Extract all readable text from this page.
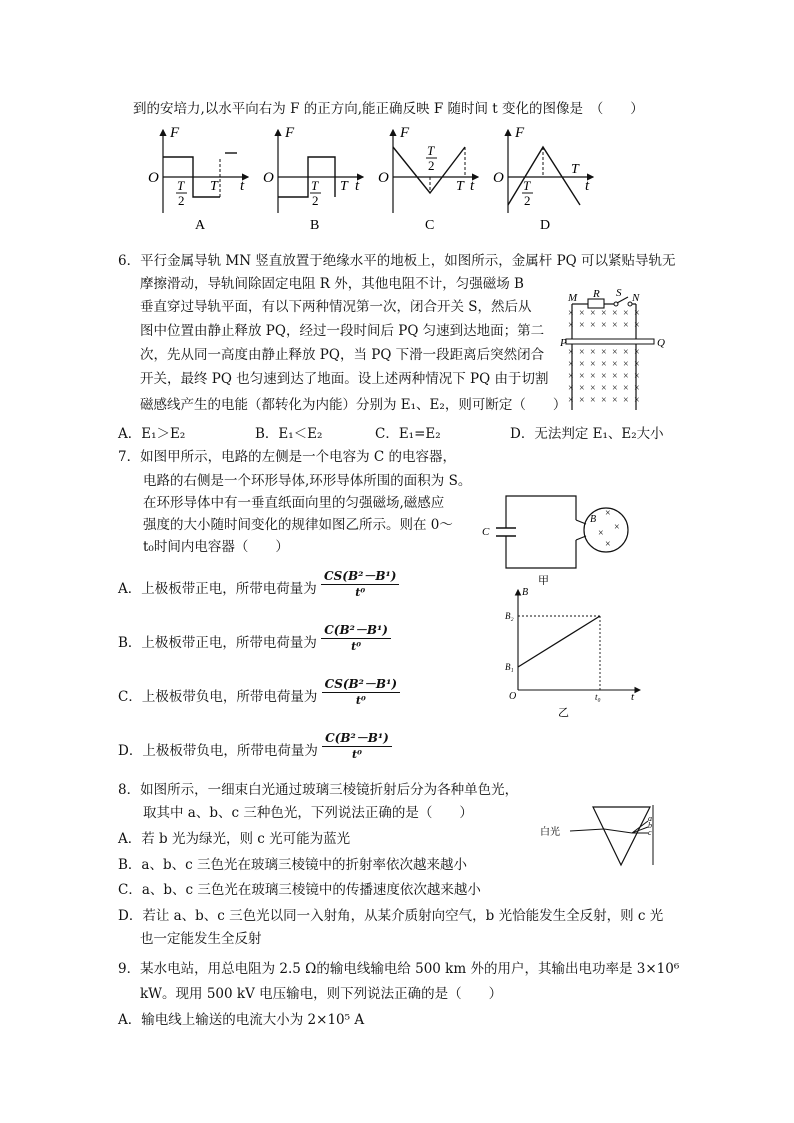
到的安培力,以水平向右为 F 的正方向,能正确反映 F 随时间 t 变化的图像是　（　　）
F
O	t
T
2
T
A
F
O	t
T
2
T
B
F
O	t
T
2
T
C
F
O	t
T
2
T
D
6．平行金属导轨 MN 竖直放置于绝缘水平的地板上，如图所示，金属杆 PQ 可以紧贴导轨无
摩擦滑动，导轨间除固定电阻 R 外，其他电阻不计，匀强磁场 B
垂直穿过导轨平面，有以下两种情况第一次，闭合开关 S，然后从
图中位置由静止释放 PQ，经过一段时间后 PQ 匀速到达地面；第二
次，先从同一高度由静止释放 PQ，当 PQ 下滑一段距离后突然闭合
开关，最终 PQ 也匀速到达了地面。设上述两种情况下 PQ 由于切割
磁感线产生的电能（都转化为内能）分别为 E₁、E₂，则可断定（　　）
A．E₁＞E₂	B．E₁＜E₂	C．E₁=E₂	D．无法判定 E₁、E₂大小
M R S N
P	Q
× × × × × × ×
× × × × × × ×
× × × × × × ×
× × × × × × ×
× × × × × × ×
× × × × × × ×
× × × × × × ×
7．如图甲所示，电路的左侧是一个电容为 C 的电容器，
电路的右侧是一个环形导体,环形导体所围的面积为 S。
在环形导体中有一垂直纸面向里的匀强磁场,磁感应
强度的大小随时间变化的规律如图乙所示。则在 0～
t₀时间内电容器（　　）
A．上极板带正电，所带电荷量为 $\frac{\text{CS(B²－B¹)}}{\text{t⁰}}$
B．上极板带正电，所带电荷量为 $\frac{\text{C(B²－B¹)}}{\text{t⁰}}$
C．上极板带负电，所带电荷量为 $\frac{\text{CS(B²－B¹)}}{\text{t⁰}}$
D．上极板带负电，所带电荷量为 $\frac{\text{C(B²－B¹)}}{\text{t⁰}}$
C
B
×
×
×
×
甲
B
B₂
B₁
O	t₀	t
乙
8．如图所示，一细束白光通过玻璃三棱镜折射后分为各种单色光，
取其中 a、b、c 三种色光，下列说法正确的是（　　）
A．若 b 光为绿光，则 c 光可能为蓝光
B．a、b、c 三色光在玻璃三棱镜中的折射率依次越来越小
C．a、b、c 三色光在玻璃三棱镜中的传播速度依次越来越小
D．若让 a、b、c 三色光以同一入射角，从某介质射向空气，b 光恰能发生全反射，则 c 光
也一定能发生全反射
白光
a
b
c
9．某水电站，用总电阻为 2.5 Ω的输电线输电给 500 km 外的用户，其输出电功率是 3×10⁶
kW。现用 500 kV 电压输电，则下列说法正确的是（　　）
A．输电线上输送的电流大小为 2×10⁵ A
